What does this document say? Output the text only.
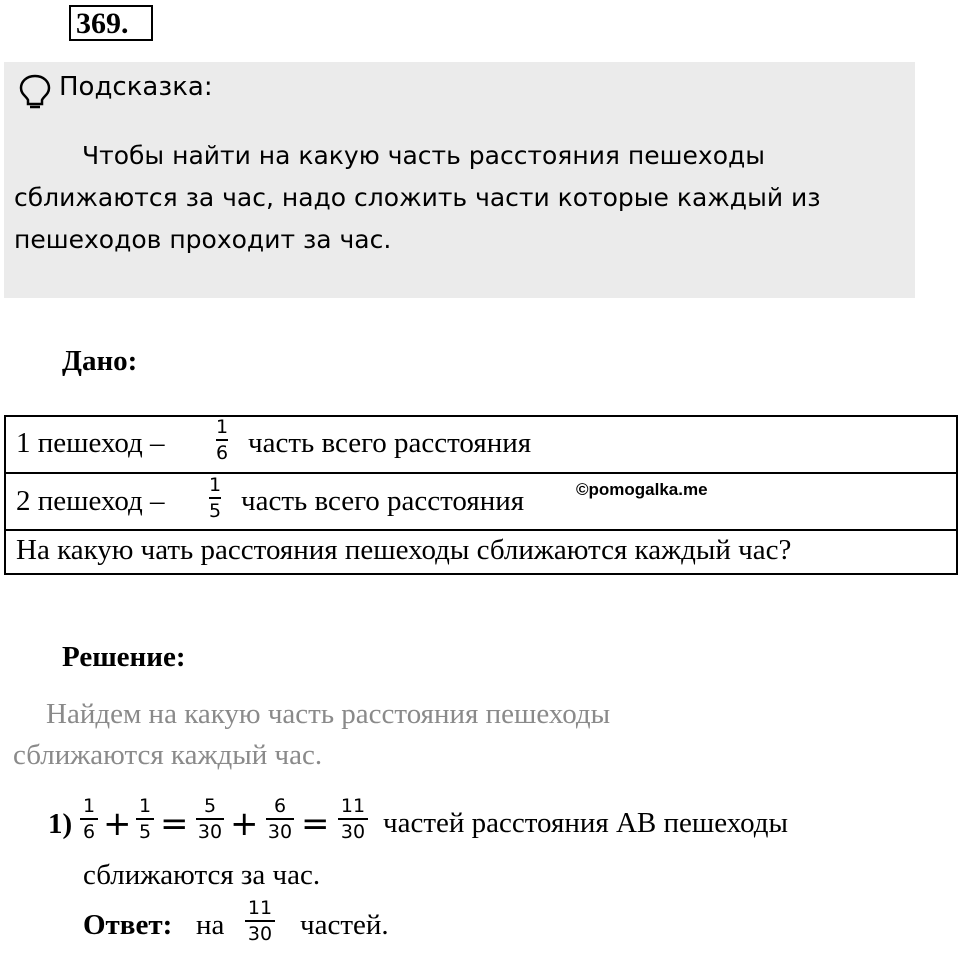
369.
Подсказка:
Чтобы найти на какую часть расстояния пешеходы сближаются за час, надо сложить части которые каждый из пешеходов проходит за час.
Дано:
1 пешеход –	1
6 часть всего расстояния
2 пешеход – 1
5 часть всего расстояния
На какую чать расстояния пешеходы сближаются каждый час?
©pomogalka.me
Решение:
Найдем на какую часть расстояния пешеходы
сближаются каждый час.
1)
1
6 + 1
5 = 5
30 + 6
30 = 11
30 частей расстояния АВ пешеходы
сближаются за час.
Ответ: на
11
30 частей.
